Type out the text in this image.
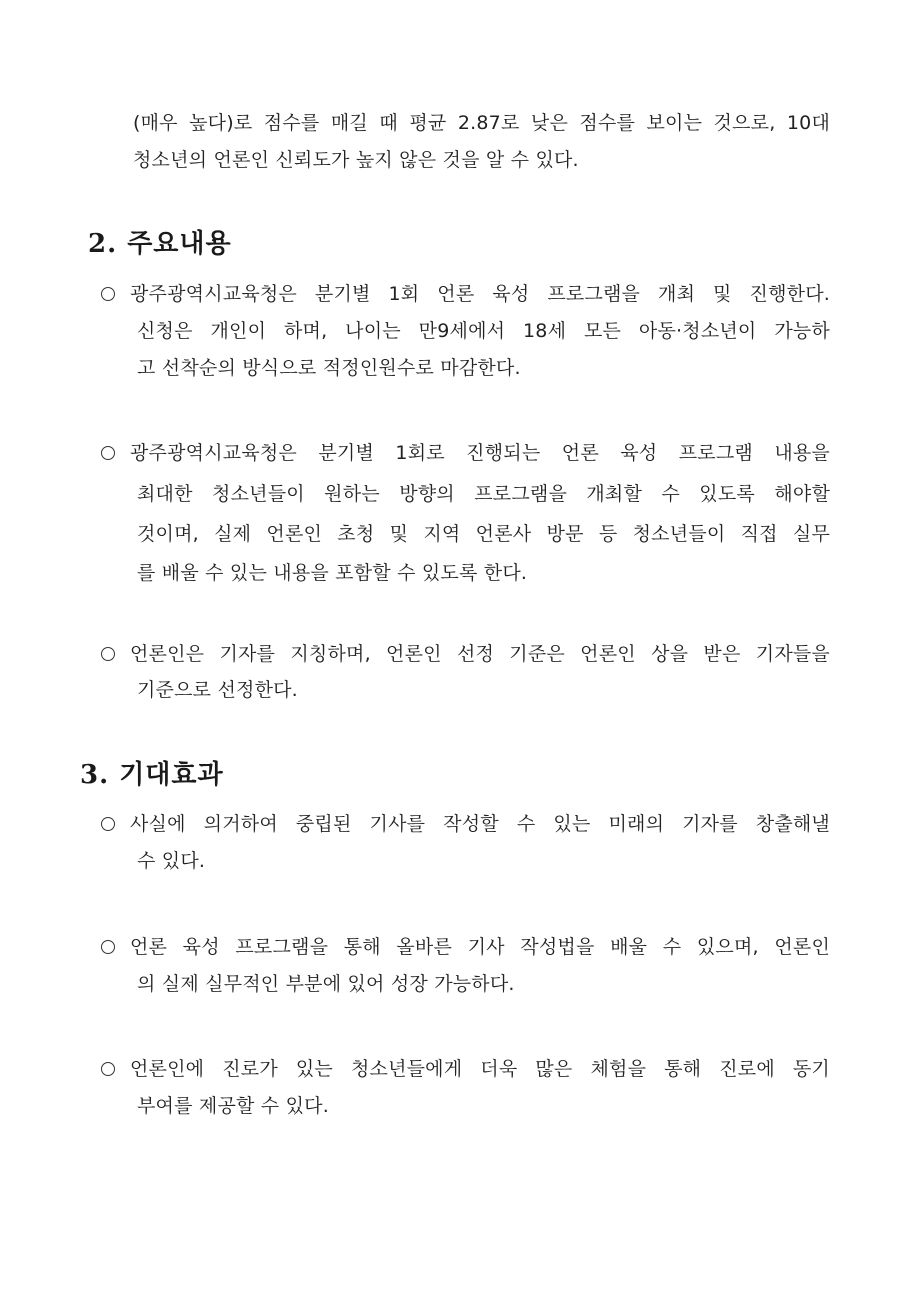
(매우 높다)로 점수를 매길 때 평균 2.87로 낮은 점수를 보이는 것으로, 10대
청소년의 언론인 신뢰도가 높지 않은 것을 알 수 있다.
2. 주요내용
광주광역시교육청은 분기별 1회 언론 육성 프로그램을 개최 및 진행한다.
신청은 개인이 하며, 나이는 만9세에서 18세 모든 아동·청소년이 가능하
고 선착순의 방식으로 적정인원수로 마감한다.
광주광역시교육청은 분기별 1회로 진행되는 언론 육성 프로그램 내용을
최대한 청소년들이 원하는 방향의 프로그램을 개최할 수 있도록 해야할
것이며, 실제 언론인 초청 및 지역 언론사 방문 등 청소년들이 직접 실무
를 배울 수 있는 내용을 포함할 수 있도록 한다.
언론인은 기자를 지칭하며, 언론인 선정 기준은 언론인 상을 받은 기자들을
기준으로 선정한다.
3. 기대효과
사실에 의거하여 중립된 기사를 작성할 수 있는 미래의 기자를 창출해낼
수 있다.
언론 육성 프로그램을 통해 올바른 기사 작성법을 배울 수 있으며, 언론인
의 실제 실무적인 부분에 있어 성장 가능하다.
언론인에 진로가 있는 청소년들에게 더욱 많은 체험을 통해 진로에 동기
부여를 제공할 수 있다.
